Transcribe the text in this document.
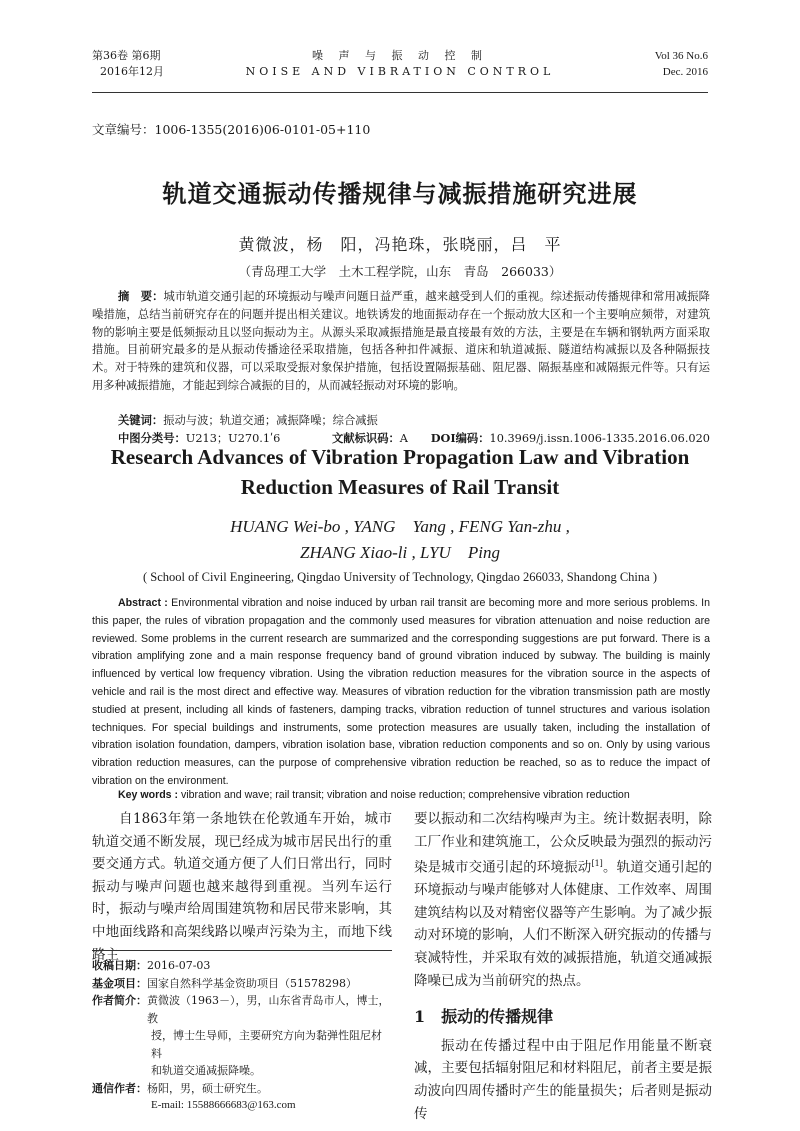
第36卷 第6期
2016年12月
噪 声 与 振 动 控 制
NOISE AND VIBRATION CONTROL
Vol 36 No.6
Dec. 2016
文章编号：1006-1355(2016)06-0101-05+110
轨道交通振动传播规律与减振措施研究进展
黄微波，杨　阳，冯艳珠，张晓丽，吕　平
（青岛理工大学　土木工程学院，山东　青岛　266033）
摘　要：城市轨道交通引起的环境振动与噪声问题日益严重，越来越受到人们的重视。综述振动传播规律和常用减振降噪措施，总结当前研究存在的问题并提出相关建议。地铁诱发的地面振动存在一个振动放大区和一个主要响应频带，对建筑物的影响主要是低频振动且以竖向振动为主。从源头采取减振措施是最直接最有效的方法，主要是在车辆和钢轨两方面采取措施。目前研究最多的是从振动传播途径采取措施，包括各种扣件减振、道床和轨道减振、隧道结构减振以及各种隔振技术。对于特殊的建筑和仪器，可以采取受振对象保护措施，包括设置隔振基础、阻尼器、隔振基座和减隔振元件等。只有运用多种减振措施，才能起到综合减振的目的，从而减轻振动对环境的影响。
关键词：振动与波；轨道交通；减振降噪；综合减振
中图分类号：U213；U270.1ʹ6	文献标识码：A DOI编码：10.3969/j.issn.1006-1335.2016.06.020
Research Advances of Vibration Propagation Law and Vibration
Reduction Measures of Rail Transit
HUANG Wei-bo , YANG　Yang , FENG Yan-zhu ,
ZHANG Xiao-li , LYU　Ping
( School of Civil Engineering, Qingdao University of Technology, Qingdao 266033, Shandong China )
Abstract : Environmental vibration and noise induced by urban rail transit are becoming more and more serious problems. In this paper, the rules of vibration propagation and the commonly used measures for vibration attenuation and noise reduction are reviewed. Some problems in the current research are summarized and the corresponding suggestions are put forward. There is a vibration amplifying zone and a main response frequency band of ground vibration induced by subway. The building is mainly influenced by vertical low frequency vibration. Using the vibration reduction measures for the vibration source in the aspects of vehicle and rail is the most direct and effective way. Measures of vibration reduction for the vibration transmission path are mostly studied at present, including all kinds of fasteners, damping tracks, vibration reduction of tunnel structures and various isolation techniques. For special buildings and instruments, some protection measures are usually taken, including the installation of vibration isolation foundation, dampers, vibration isolation base, vibration reduction components and so on. Only by using various vibration reduction measures, can the purpose of comprehensive vibration reduction be reached, so as to reduce the impact of vibration on the environment.
Key words : vibration and wave; rail transit; vibration and noise reduction; comprehensive vibration reduction
自1863年第一条地铁在伦敦通车开始，城市轨道交通不断发展，现已经成为城市居民出行的重要交通方式。轨道交通方便了人们日常出行，同时振动与噪声问题也越来越得到重视。当列车运行时，振动与噪声给周围建筑物和居民带来影响，其中地面线路和高架线路以噪声污染为主，而地下线路主

要以振动和二次结构噪声为主。统计数据表明，除工厂作业和建筑施工，公众反映最为强烈的振动污染是城市交通引起的环境振动[1]。轨道交通引起的环境振动与噪声能够对人体健康、工作效率、周围建筑结构以及对精密仪器等产生影响。为了减少振动对环境的影响，人们不断深入研究振动的传播与衰减特性，并采取有效的减振措施，轨道交通减振降噪已成为当前研究的热点。

1 振动的传播规律

振动在传播过程中由于阻尼作用能量不断衰减，主要包括辐射阻尼和材料阻尼，前者主要是振动波向四周传播时产生的能量损失；后者则是振动传

收稿日期： 2016-07-03
基金项目： 国家自然科学基金资助项目（51578298）
作者简介： 黄微波（1963－），男，山东省青岛市人，博士，教
授，博士生导师，主要研究方向为黏弹性阻尼材料
和轨道交通减振降噪。
通信作者： 杨阳，男，硕士研究生。
E-mail: 15588666683@163.com
